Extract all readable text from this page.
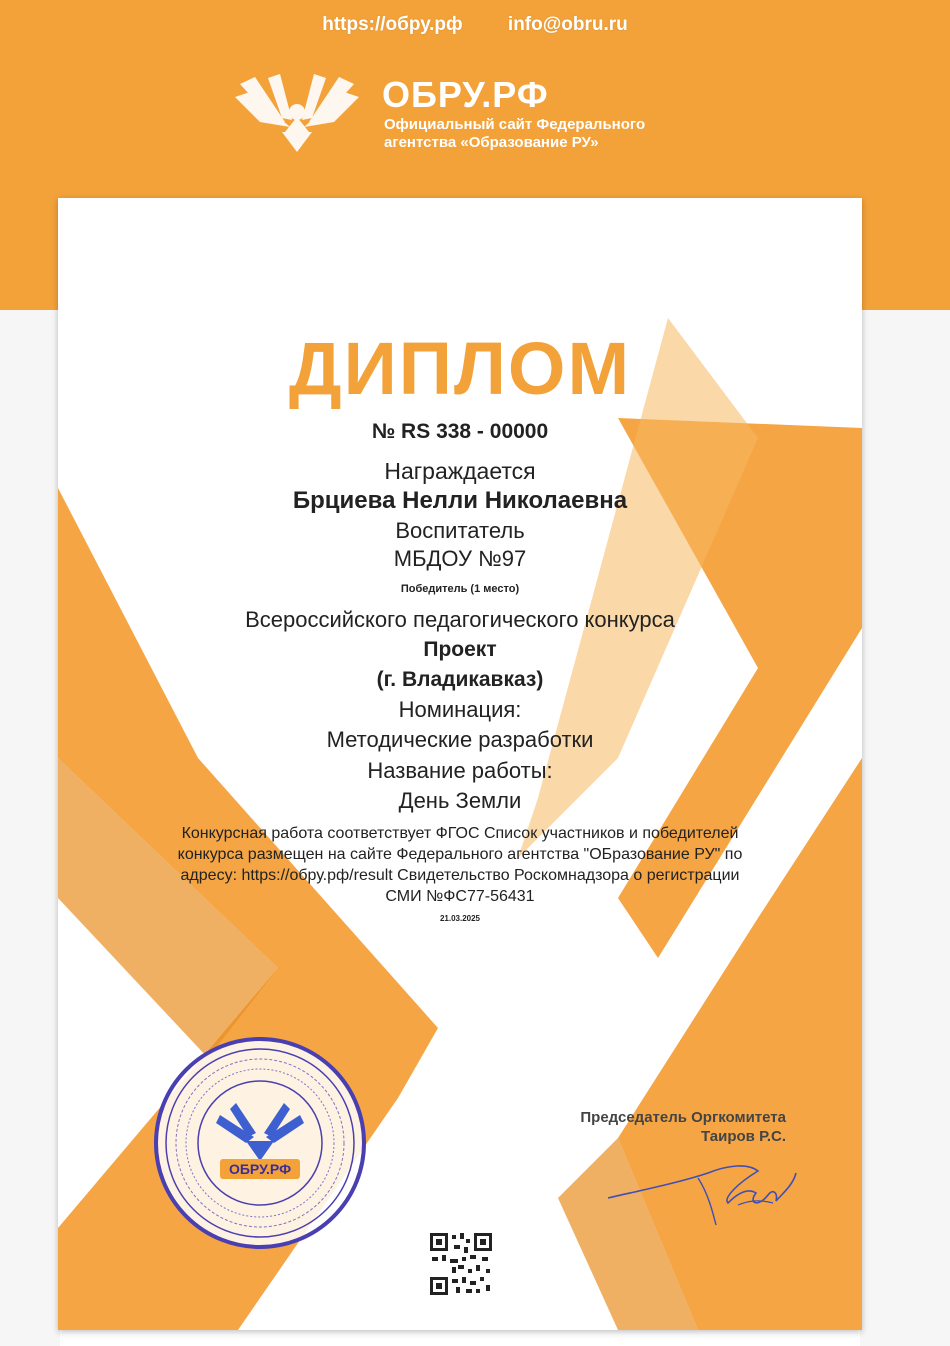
https://обру.рф info@obru.ru
ОБРУ.РФ
Официальный сайт Федерального
агентства «Образование РУ»
ДИПЛОМ
№ RS 338 - 00000
Награждается
Брциева Нелли Николаевна
Воспитатель
МБДОУ №97
Победитель (1 место)
Всероссийского педагогического конкурса
Проект
(г. Владикавказ)
Номинация:
Методические разработки
Название работы:
День Земли
Конкурсная работа соответствует ФГОС Список участников и победителей
конкурса размещен на сайте Федерального агентства "ОБразование РУ" по
адресу: https://обру.рф/result Свидетельство Роскомнадзора о регистрации
СМИ №ФС77-56431
21.03.2025
ОБРУ.РФ
Председатель Оргкомитета
Таиров Р.С.
